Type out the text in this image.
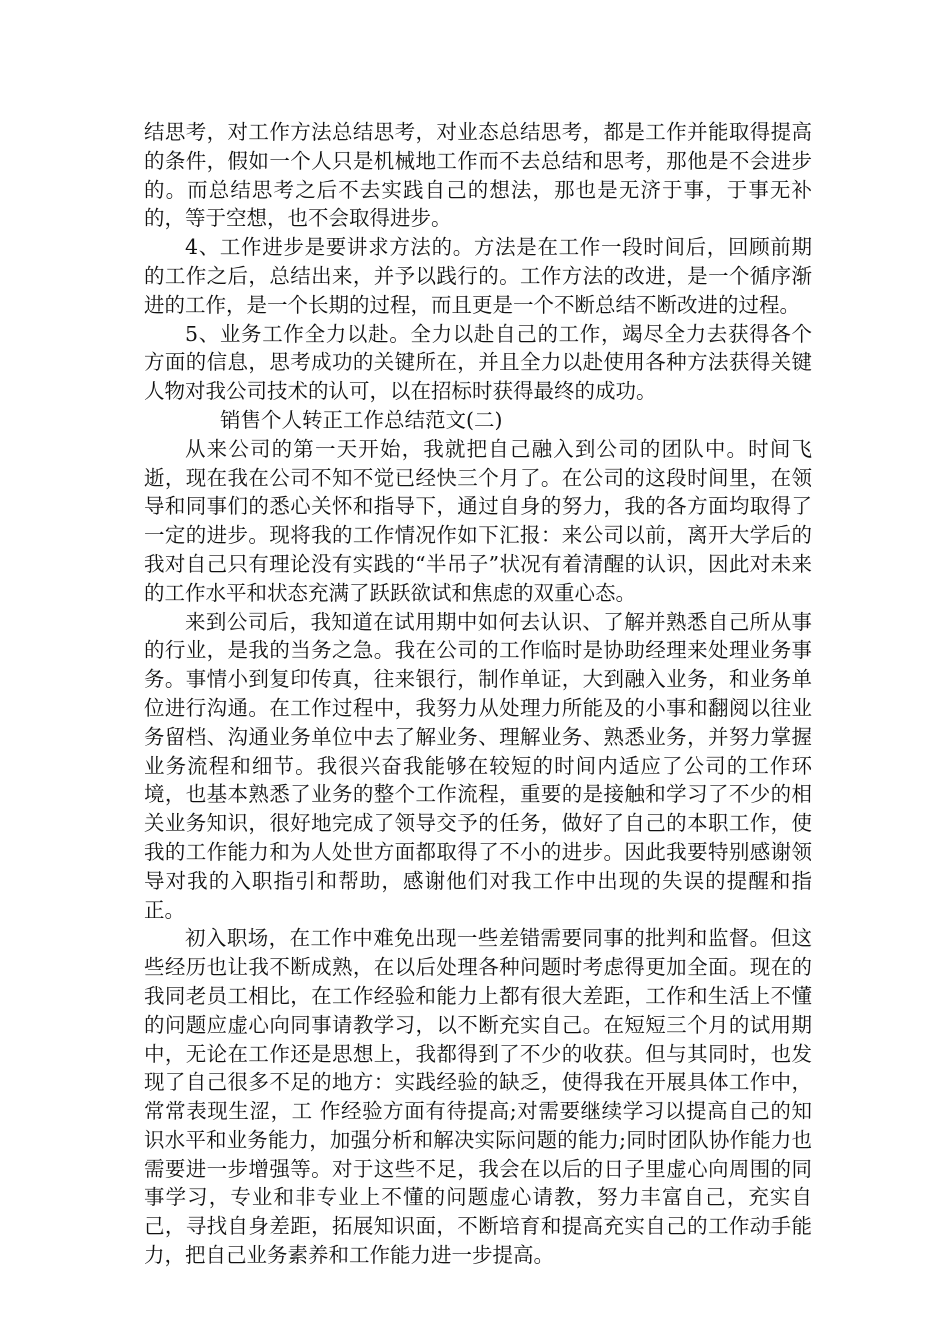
结思考，对工作方法总结思考，对业态总结思考，都是工作并能取得提高的条件，假如一个人只是机械地工作而不去总结和思考，那他是不会进步的。而总结思考之后不去实践自己的想法，那也是无济于事，于事无补的，等于空想，也不会取得进步。

4、工作进步是要讲求方法的。方法是在工作一段时间后，回顾前期的工作之后，总结出来，并予以践行的。工作方法的改进，是一个循序渐进的工作，是一个长期的过程，而且更是一个不断总结不断改进的过程。

5、业务工作全力以赴。全力以赴自己的工作，竭尽全力去获得各个方面的信息，思考成功的关键所在，并且全力以赴使用各种方法获得关键人物对我公司技术的认可，以在招标时获得最终的成功。

销售个人转正工作总结范文(二)

从来公司的第一天开始，我就把自己融入到公司的团队中。时间飞逝，现在我在公司不知不觉已经快三个月了。在公司的这段时间里，在领导和同事们的悉心关怀和指导下，通过自身的努力，我的各方面均取得了一定的进步。现将我的工作情况作如下汇报：来公司以前，离开大学后的我对自己只有理论没有实践的“半吊子”状况有着清醒的认识，因此对未来的工作水平和状态充满了跃跃欲试和焦虑的双重心态。

来到公司后，我知道在试用期中如何去认识、了解并熟悉自己所从事的行业，是我的当务之急。我在公司的工作临时是协助经理来处理业务事务。事情小到复印传真，往来银行，制作单证，大到融入业务，和业务单位进行沟通。在工作过程中，我努力从处理力所能及的小事和翻阅以往业务留档、沟通业务单位中去了解业务、理解业务、熟悉业务，并努力掌握业务流程和细节。我很兴奋我能够在较短的时间内适应了公司的工作环境，也基本熟悉了业务的整个工作流程，重要的是接触和学习了不少的相关业务知识，很好地完成了领导交予的任务，做好了自己的本职工作，使我的工作能力和为人处世方面都取得了不小的进步。因此我要特别感谢领导对我的入职指引和帮助，感谢他们对我工作中出现的失误的提醒和指正。

初入职场，在工作中难免出现一些差错需要同事的批判和监督。但这些经历也让我不断成熟，在以后处理各种问题时考虑得更加全面。现在的我同老员工相比，在工作经验和能力上都有很大差距，工作和生活上不懂的问题应虚心向同事请教学习，以不断充实自己。在短短三个月的试用期中，无论在工作还是思想上，我都得到了不少的收获。但与其同时，也发现了自己很多不足的地方：实践经验的缺乏，使得我在开展具体工作中，常常表现生涩，工 作经验方面有待提高;对需要继续学习以提高自己的知识水平和业务能力，加强分析和解决实际问题的能力;同时团队协作能力也需要进一步增强等。对于这些不足，我会在以后的日子里虚心向周围的同事学习，专业和非专业上不懂的问题虚心请教，努力丰富自己，充实自己，寻找自身差距，拓展知识面，不断培育和提高充实自己的工作动手能力，把自己业务素养和工作能力进一步提高。
